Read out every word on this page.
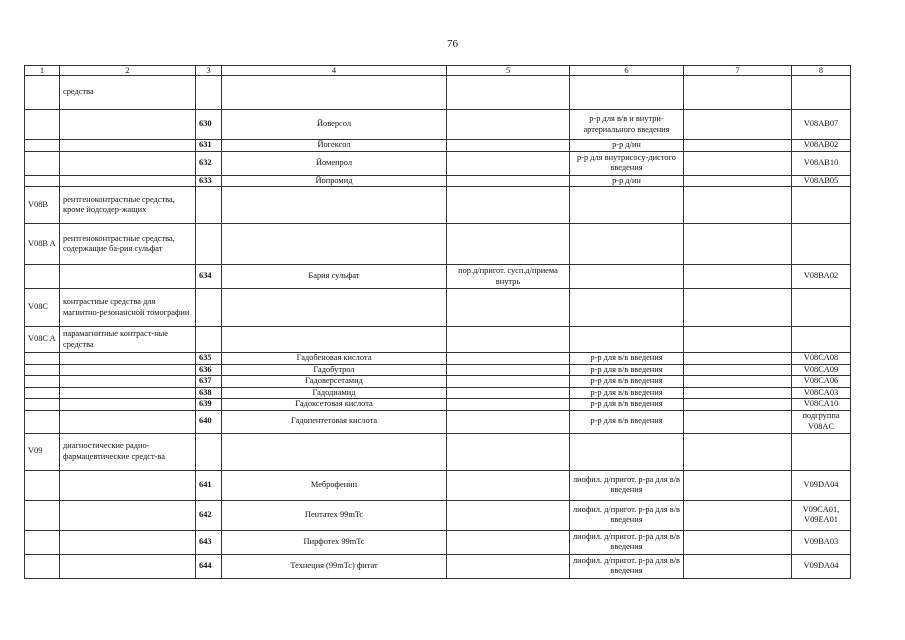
76
1	2	3	4	5	6	7	8
	средства						
		630	Йоверсол		р-р для в/в и внутри-артериального введения		V08AB07
		631	Йогексол		р-р д/ин		V08AB02
		632	Йомепрол		р-р для внутрисосу-дистого введения		V08AB10
		633	Йопромид		р-р д/ин		V08AB05
V08B	рентгеноконтрастные средства, кроме йодсодер-жащих						
V08B A	рентгеноконтрастные средства, содержащие ба-рия сульфат						
		634	Бария сульфат	пор.д/пригот. сусп.д/приема внутрь			V08BA02
V08C	контрастные средства для магнитно-резонансной томографии						
V08C A	парамагнитные контраст-ные средства						
		635	Гадобеновая кислота		р-р для в/в введения		V08CA08
		636	Гадобутрол		р-р для в/в введения		V08CA09
		637	Гадоверсетамид		р-р для в/в введения		V08CA06
		638	Гадодиамид		р-р для в/в введения		V08CA03
		639	Гадоксетовая кислота		р-р для в/в введения		V08CA10
		640	Гадопентетовая кислота		р-р для в/в введения		подгруппа V08AC
V09	диагностические радио-фармацевтические средст-ва						
		641	Меброфенин		лиофил. д/пригот. р-ра для в/в введения		V09DA04
		642	Пентатех 99mTc		лиофил. д/пригот. р-ра для в/в введения		V09CA01, V09EA01
		643	Пирфотех 99mTc		лиофил. д/пригот. р-ра для в/в введения		V09BA03
		644	Технеция (99mTc) фитат		лиофил. д/пригот. р-ра для в/в введения		V09DA04
